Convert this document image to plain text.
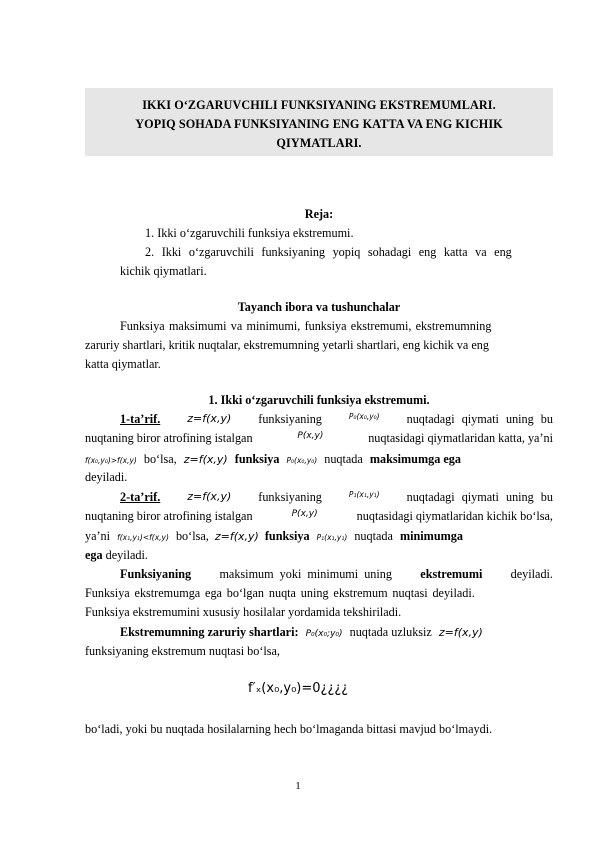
IKKI O‘ZGARUVCHILI FUNKSIYANING EKSTREMUMLARI.
YOPIQ SOHADA FUNKSIYANING ENG KATTA VA ENG KICHIK
QIYMATLARI.
Reja:
1. Ikki o‘zgaruvchili funksiya ekstremumi.
2. Ikki o‘zgaruvchili funksiyaning yopiq sohadagi eng katta va eng
kichik qiymatlari.
Tayanch ibora va tushunchalar
Funksiya maksimumi va minimumi, funksiya ekstremumi, ekstremumning
zaruriy shartlari, kritik nuqtalar, ekstremumning yetarli shartlari, eng kichik va eng
katta qiymatlar.
1. Ikki o‘zgaruvchili funksiya ekstremumi.
1-ta’rif. z=f(x,y) funksiyaning	P₀(x₀,y₀) nuqtadagi qiymati uning bu
nuqtaning biror atrofining istalgan	P(x,y)	nuqtasidagi qiymatlaridan katta, ya’ni
f(x₀,y₀)>f(x,y) bo‘lsa, z=f(x,y) funksiya P₀(x₀,y₀) nuqtada maksimumga ega
deyiladi.
2-ta’rif. z=f(x,y) funksiyaning	P₁(x₁,y₁) nuqtadagi qiymati uning bu
nuqtaning biror atrofining istalgan	P(x,y)	nuqtasidagi qiymatlaridan kichik bo‘lsa,
ya’ni f(x₁,y₁)<f(x,y) bo‘lsa, z=f(x,y) funksiya P₁(x₁,y₁) nuqtada minimumga
ega deyiladi.
Funksiyaning maksimum yoki minimumi uning ekstremumi deyiladi.
Funksiya ekstremumga ega bo‘lgan nuqta uning ekstremum nuqtasi deyiladi.
Funksiya ekstremumini xususiy hosilalar yordamida tekshiriladi.
Ekstremumning zaruriy shartlari: P₀(x₀;y₀) nuqtada uzluksiz z=f(x,y)
funksiyaning ekstremum nuqtasi bo‘lsa,
f′ₓ(x₀,y₀)=0¿¿¿¿
bo‘ladi, yoki bu nuqtada hosilalarning hech bo‘lmaganda bittasi mavjud bo‘lmaydi.
1
